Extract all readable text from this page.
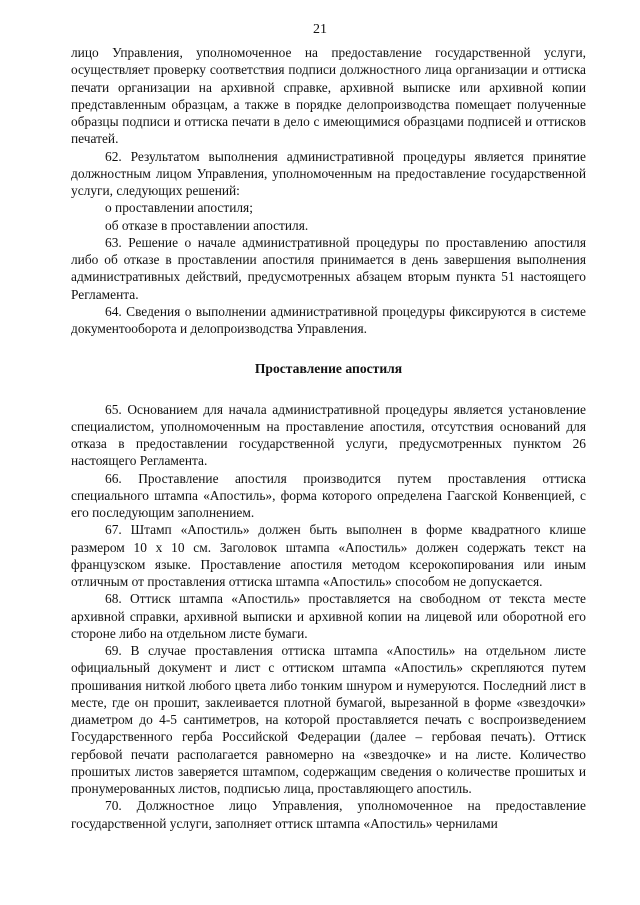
21

лицо Управления, уполномоченное на предоставление государственной услуги, осуществляет проверку соответствия подписи должностного лица организации и оттиска печати организации на архивной справке, архивной выписке или архивной копии представленным образцам, а также в порядке делопроизводства помещает полученные образцы подписи и оттиска печати в дело с имеющимися образцами подписей и оттисков печатей.

62. Результатом выполнения административной процедуры является принятие должностным лицом Управления, уполномоченным на предоставление государственной услуги, следующих решений:

о проставлении апостиля;

об отказе в проставлении апостиля.

63. Решение о начале административной процедуры по проставлению апостиля либо об отказе в проставлении апостиля принимается в день завершения выполнения административных действий, предусмотренных абзацем вторым пункта 51 настоящего Регламента.

64. Сведения о выполнении административной процедуры фиксируются в системе документооборота и делопроизводства Управления.

Проставление апостиля

65. Основанием для начала административной процедуры является установление специалистом, уполномоченным на проставление апостиля, отсутствия оснований для отказа в предоставлении государственной услуги, предусмотренных пунктом 26 настоящего Регламента.

66. Проставление апостиля производится путем проставления оттиска специального штампа «Апостиль», форма которого определена Гаагской Конвенцией, с его последующим заполнением.

67. Штамп «Апостиль» должен быть выполнен в форме квадратного клише размером 10 x 10 см. Заголовок штампа «Апостиль» должен содержать текст на французском языке. Проставление апостиля методом ксерокопирования или иным отличным от проставления оттиска штампа «Апостиль» способом не допускается.

68. Оттиск штампа «Апостиль» проставляется на свободном от текста месте архивной справки, архивной выписки и архивной копии на лицевой или оборотной его стороне либо на отдельном листе бумаги.

69. В случае проставления оттиска штампа «Апостиль» на отдельном листе официальный документ и лист с оттиском штампа «Апостиль» скрепляются путем прошивания ниткой любого цвета либо тонким шнуром и нумеруются. Последний лист в месте, где он прошит, заклеивается плотной бумагой, вырезанной в форме «звездочки» диаметром до 4-5 сантиметров, на которой проставляется печать с воспроизведением Государственного герба Российской Федерации (далее – гербовая печать). Оттиск гербовой печати располагается равномерно на «звездочке» и на листе. Количество прошитых листов заверяется штампом, содержащим сведения о количестве прошитых и пронумерованных листов, подписью лица, проставляющего апостиль.

70. Должностное лицо Управления, уполномоченное на предоставление государственной услуги, заполняет оттиск штампа «Апостиль» чернилами
